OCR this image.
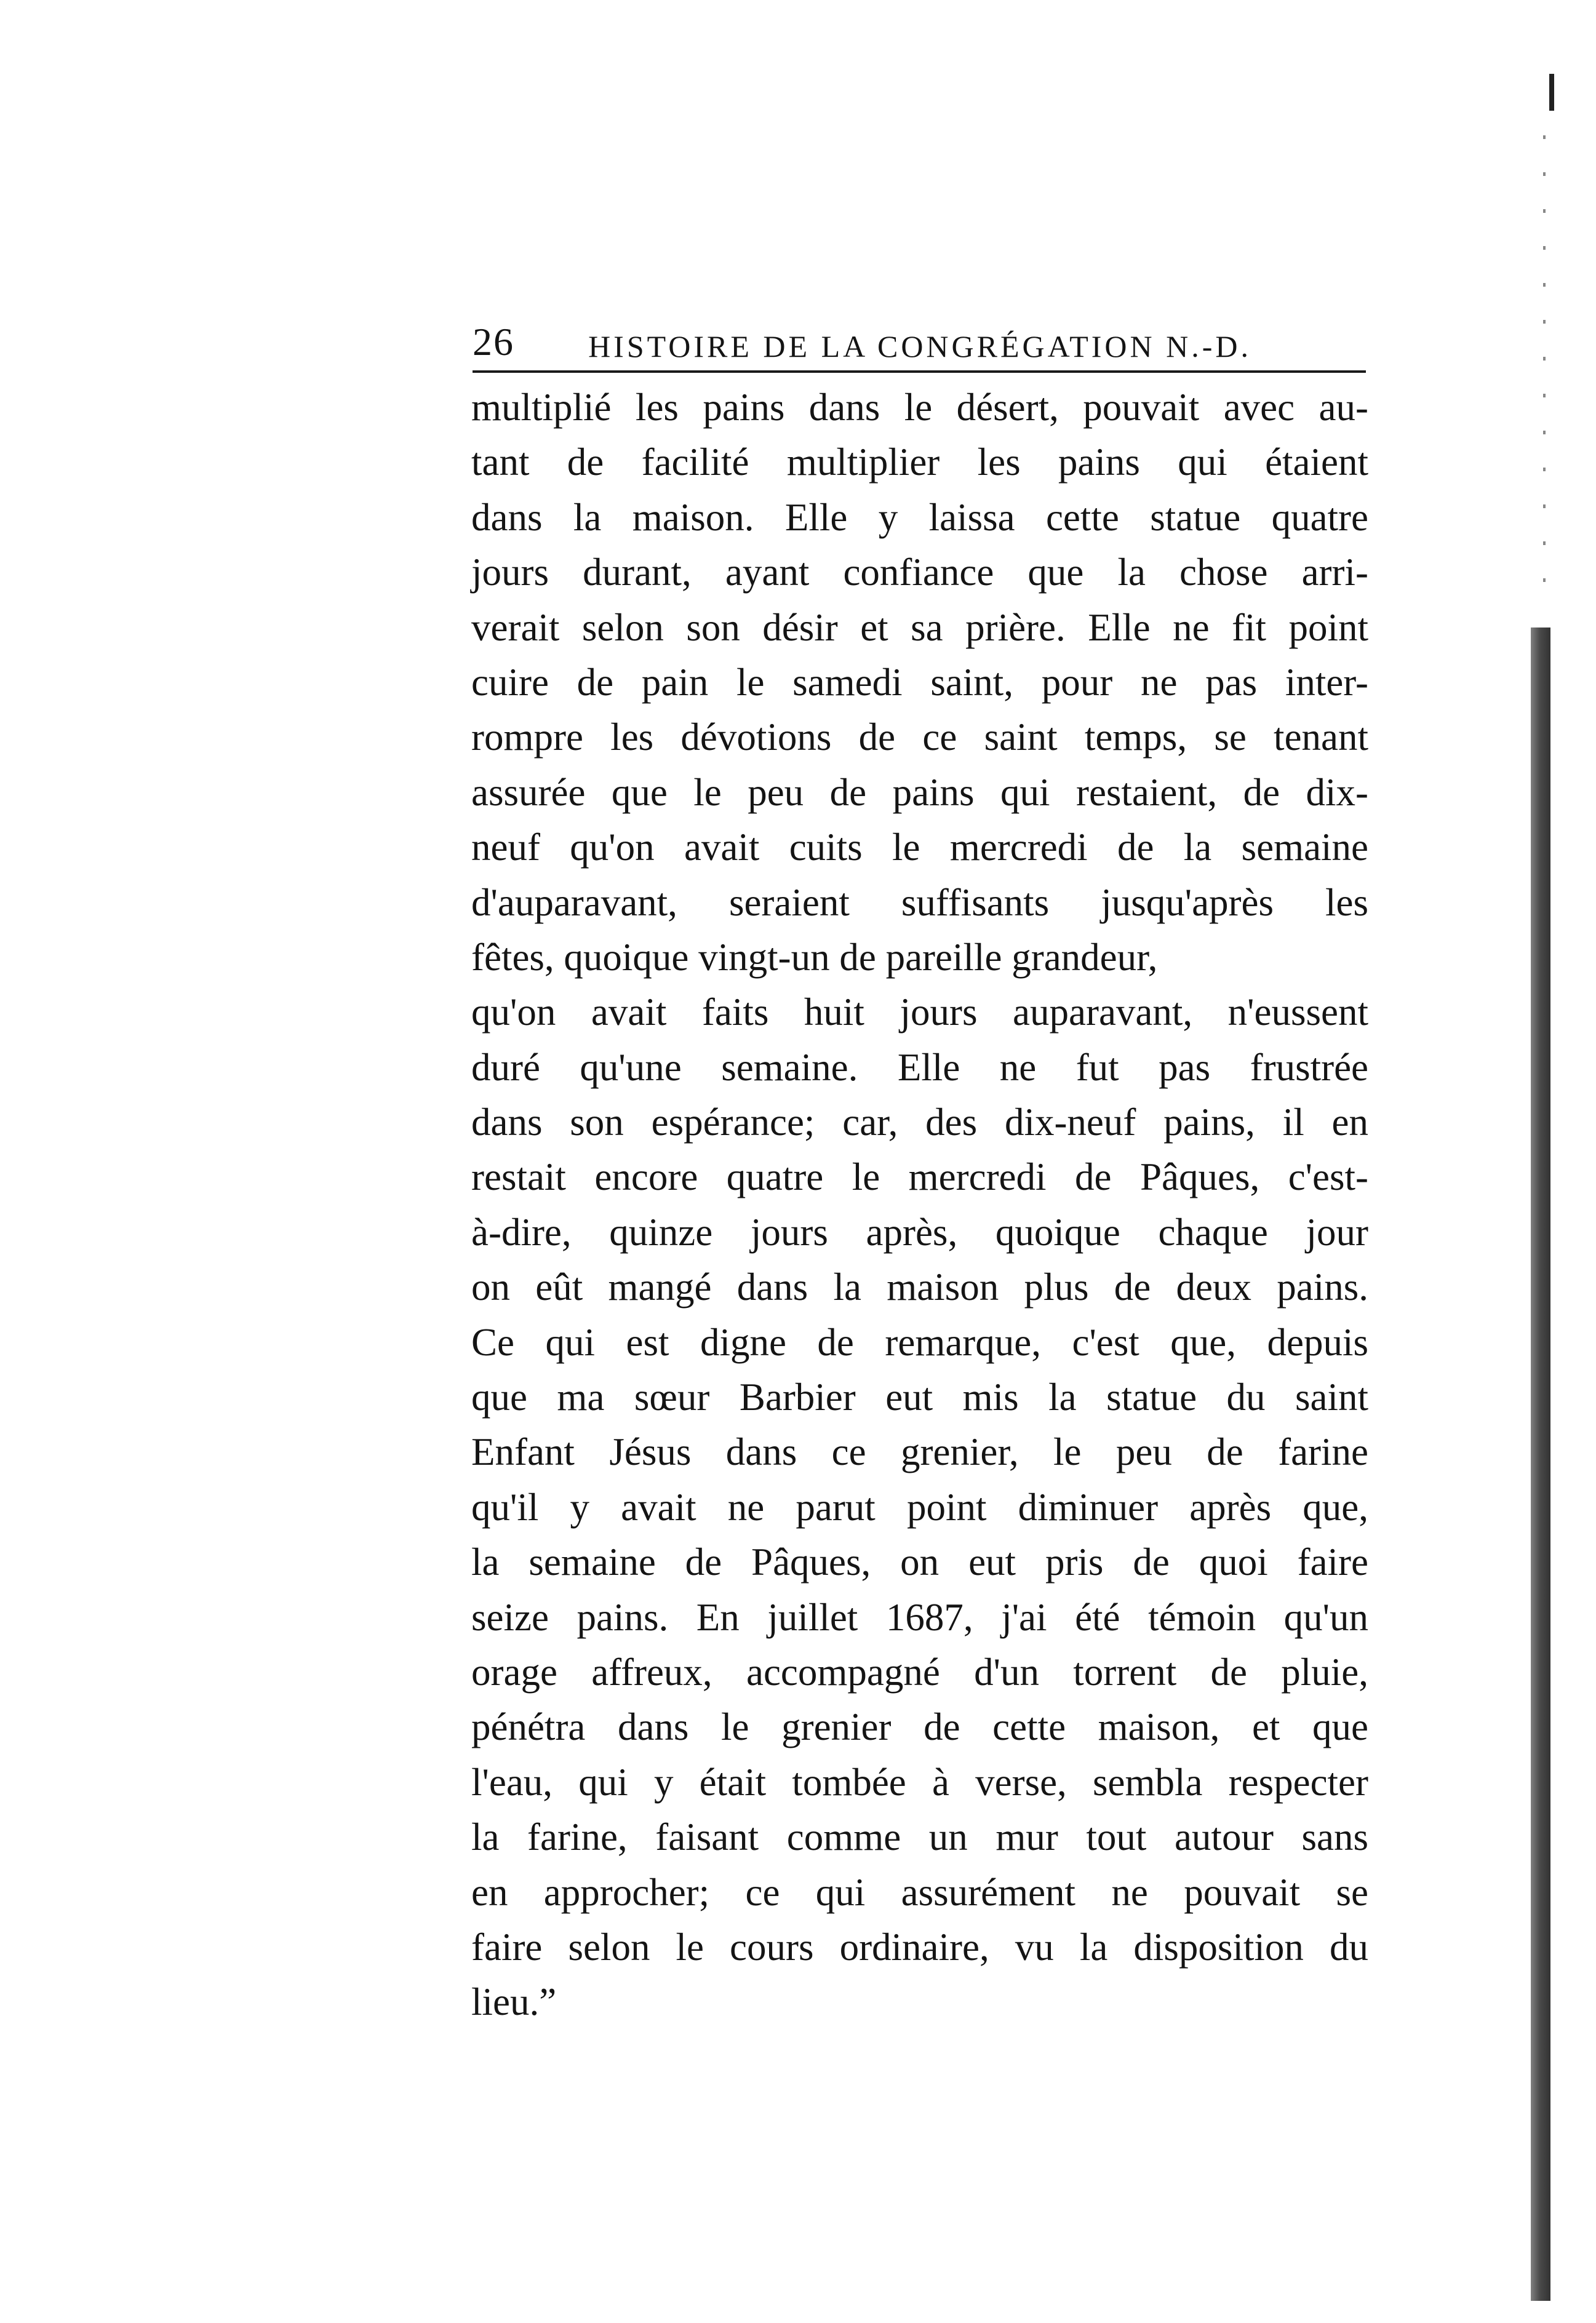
26 HISTOIRE DE LA CONGRÉGATION N.-D.
multiplié les pains dans le désert, pouvait avec au-
tant de facilité multiplier les pains qui étaient
dans la maison. Elle y laissa cette statue quatre
jours durant, ayant confiance que la chose arri-
verait selon son désir et sa prière. Elle ne fit point
cuire de pain le samedi saint, pour ne pas inter-
rompre les dévotions de ce saint temps, se tenant
assurée que le peu de pains qui restaient, de dix-
neuf qu'on avait cuits le mercredi de la semaine
d'auparavant, seraient suffisants jusqu'après les
fêtes, quoique vingt-un de pareille grandeur,
qu'on avait faits huit jours auparavant, n'eussent
duré qu'une semaine. Elle ne fut pas frustrée
dans son espérance; car, des dix-neuf pains, il en
restait encore quatre le mercredi de Pâques, c'est-
à-dire, quinze jours après, quoique chaque jour
on eût mangé dans la maison plus de deux pains.
Ce qui est digne de remarque, c'est que, depuis
que ma sœur Barbier eut mis la statue du saint
Enfant Jésus dans ce grenier, le peu de farine
qu'il y avait ne parut point diminuer après que,
la semaine de Pâques, on eut pris de quoi faire
seize pains. En juillet 1687, j'ai été témoin qu'un
orage affreux, accompagné d'un torrent de pluie,
pénétra dans le grenier de cette maison, et que
l'eau, qui y était tombée à verse, sembla respecter
la farine, faisant comme un mur tout autour sans
en approcher; ce qui assurément ne pouvait se
faire selon le cours ordinaire, vu la disposition du
lieu.”
